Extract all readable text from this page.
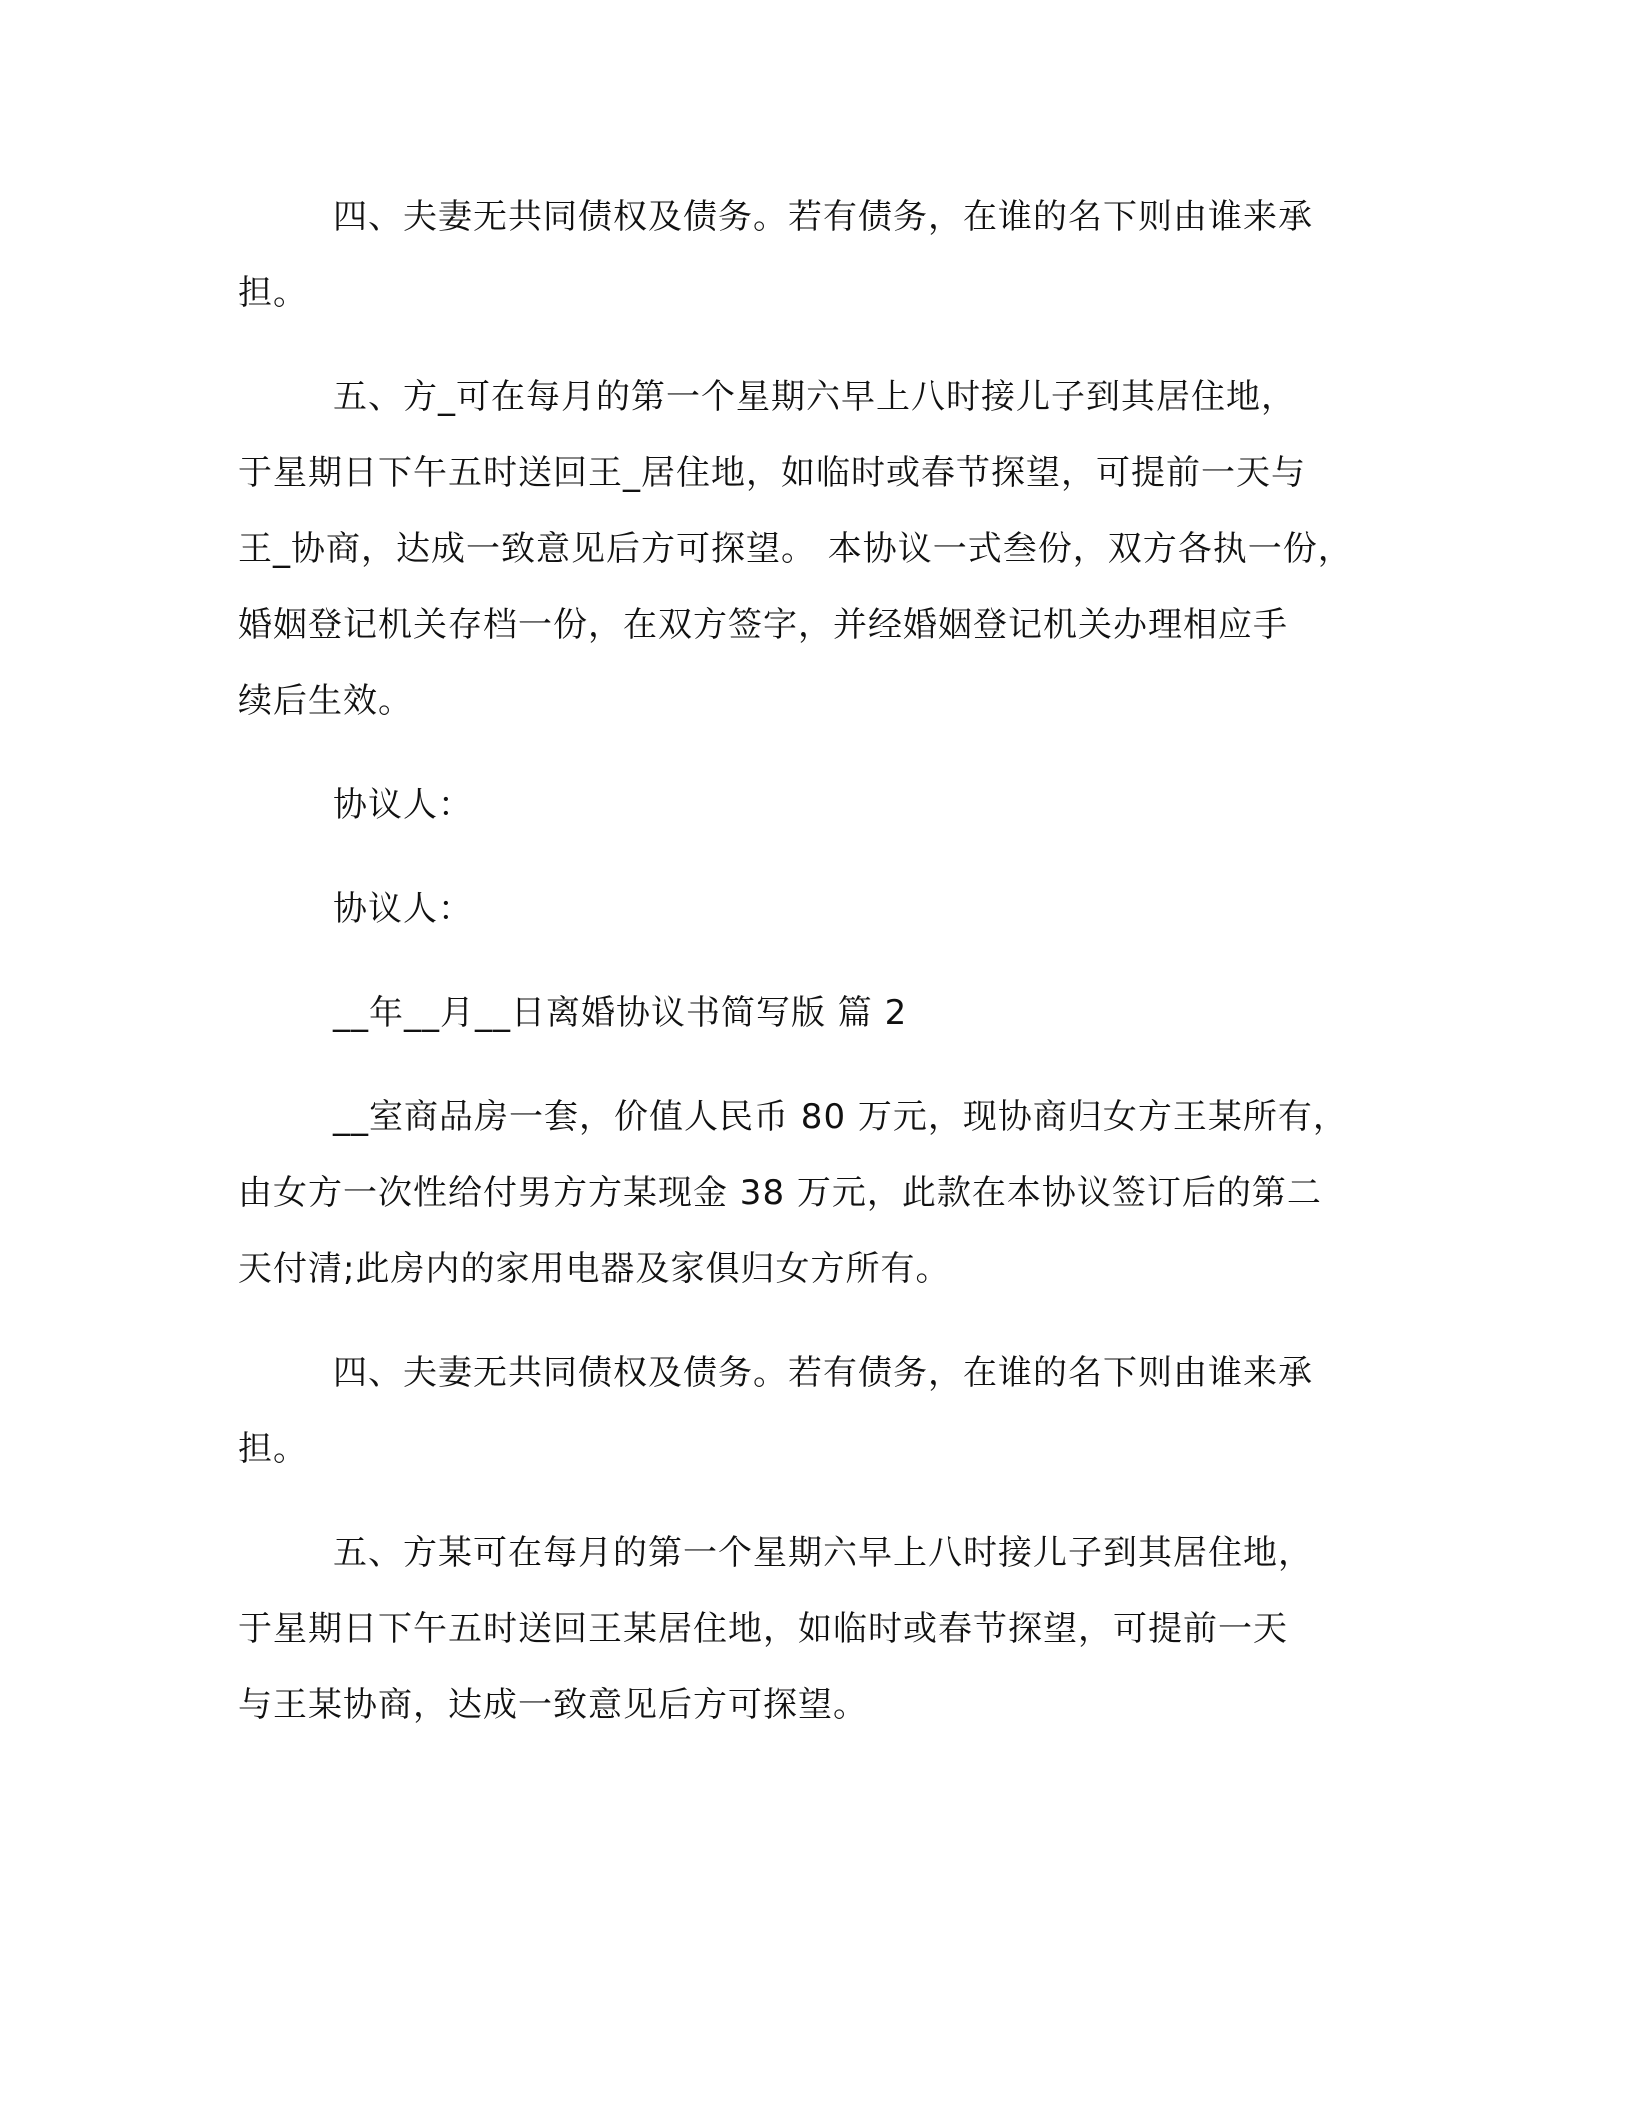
四、夫妻无共同债权及债务。若有债务，在谁的名下则由谁来承
担。
五、方_可在每月的第一个星期六早上八时接儿子到其居住地，
于星期日下午五时送回王_居住地，如临时或春节探望，可提前一天与
王_协商，达成一致意见后方可探望。 本协议一式叁份，双方各执一份，
婚姻登记机关存档一份，在双方签字，并经婚姻登记机关办理相应手
续后生效。
协议人：
协议人：
__年__月__日离婚协议书简写版 篇 2
__室商品房一套，价值人民币 80 万元，现协商归女方王某所有，
由女方一次性给付男方方某现金 38 万元，此款在本协议签订后的第二
天付清;此房内的家用电器及家俱归女方所有。
四、夫妻无共同债权及债务。若有债务，在谁的名下则由谁来承
担。
五、方某可在每月的第一个星期六早上八时接儿子到其居住地，
于星期日下午五时送回王某居住地，如临时或春节探望，可提前一天
与王某协商，达成一致意见后方可探望。
